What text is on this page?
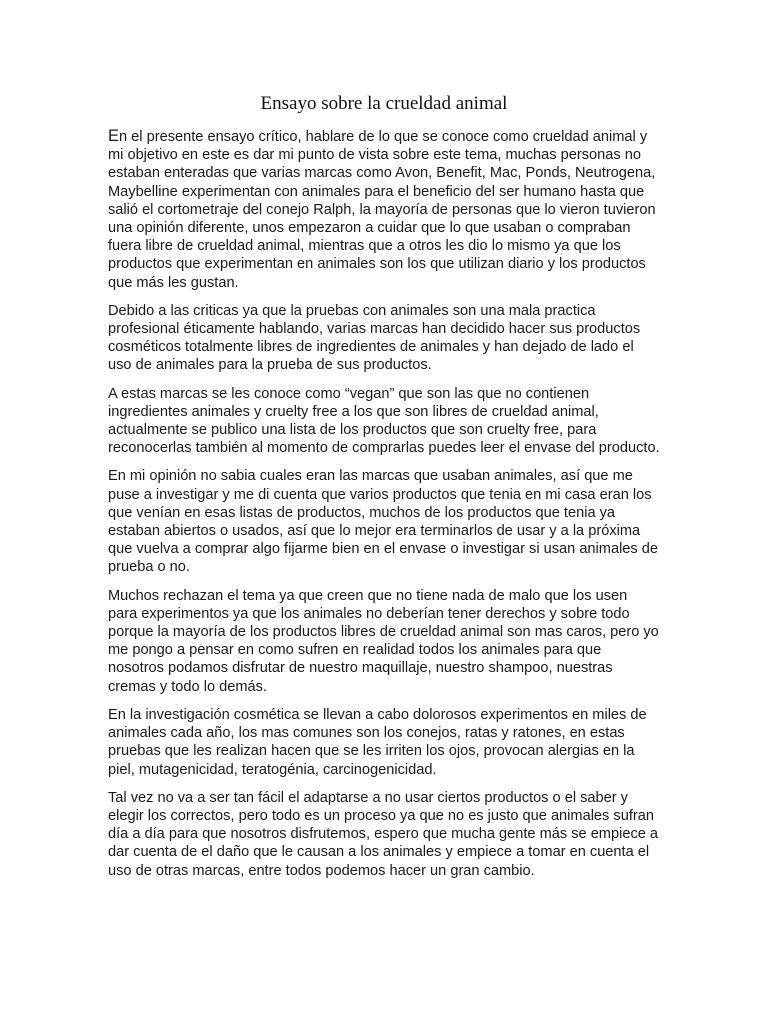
Ensayo sobre la crueldad animal

En el presente ensayo crítico, hablare de lo que se conoce como crueldad animal y mi objetivo en este es dar mi punto de vista sobre este tema, muchas personas no estaban enteradas que varias marcas como Avon, Benefit, Mac, Ponds, Neutrogena, Maybelline experimentan con animales para el beneficio del ser humano hasta que salió el cortometraje del conejo Ralph, la mayoría de personas que lo vieron tuvieron una opinión diferente, unos empezaron a cuidar que lo que usaban o compraban fuera libre de crueldad animal, mientras que a otros les dio lo mismo ya que los productos que experimentan en animales son los que utilizan diario y los productos que más les gustan.

Debido a las criticas ya que la pruebas con animales son una mala practica profesional éticamente hablando, varias marcas han decidido hacer sus productos cosméticos totalmente libres de ingredientes de animales y han dejado de lado el uso de animales para la prueba de sus productos.

A estas marcas se les conoce como “vegan” que son las que no contienen ingredientes animales y cruelty free a los que son libres de crueldad animal, actualmente se publico una lista de los productos que son cruelty free, para reconocerlas también al momento de comprarlas puedes leer el envase del producto.

En mi opinión no sabia cuales eran las marcas que usaban animales, así que me puse a investigar y me di cuenta que varios productos que tenia en mi casa eran los que venían en esas listas de productos, muchos de los productos que tenia ya estaban abiertos o usados, así que lo mejor era terminarlos de usar y a la próxima que vuelva a comprar algo fijarme bien en el envase o investigar si usan animales de prueba o no.

Muchos rechazan el tema ya que creen que no tiene nada de malo que los usen para experimentos ya que los animales no deberían tener derechos y sobre todo porque la mayoría de los productos libres de crueldad animal son mas caros, pero yo me pongo a pensar en como sufren en realidad todos los animales para que nosotros podamos disfrutar de nuestro maquillaje, nuestro shampoo, nuestras cremas y todo lo demás.

En la investigación cosmética se llevan a cabo dolorosos experimentos en miles de animales cada año, los mas comunes son los conejos, ratas y ratones, en estas pruebas que les realizan hacen que se les irriten los ojos, provocan alergias en la piel, mutagenicidad, teratogénia, carcinogenicidad.

Tal vez no va a ser tan fácil el adaptarse a no usar ciertos productos o el saber y elegir los correctos, pero todo es un proceso ya que no es justo que animales sufran día a día para que nosotros disfrutemos, espero que mucha gente más se empiece a dar cuenta de el daño que le causan a los animales y empiece a tomar en cuenta el uso de otras marcas, entre todos podemos hacer un gran cambio.
